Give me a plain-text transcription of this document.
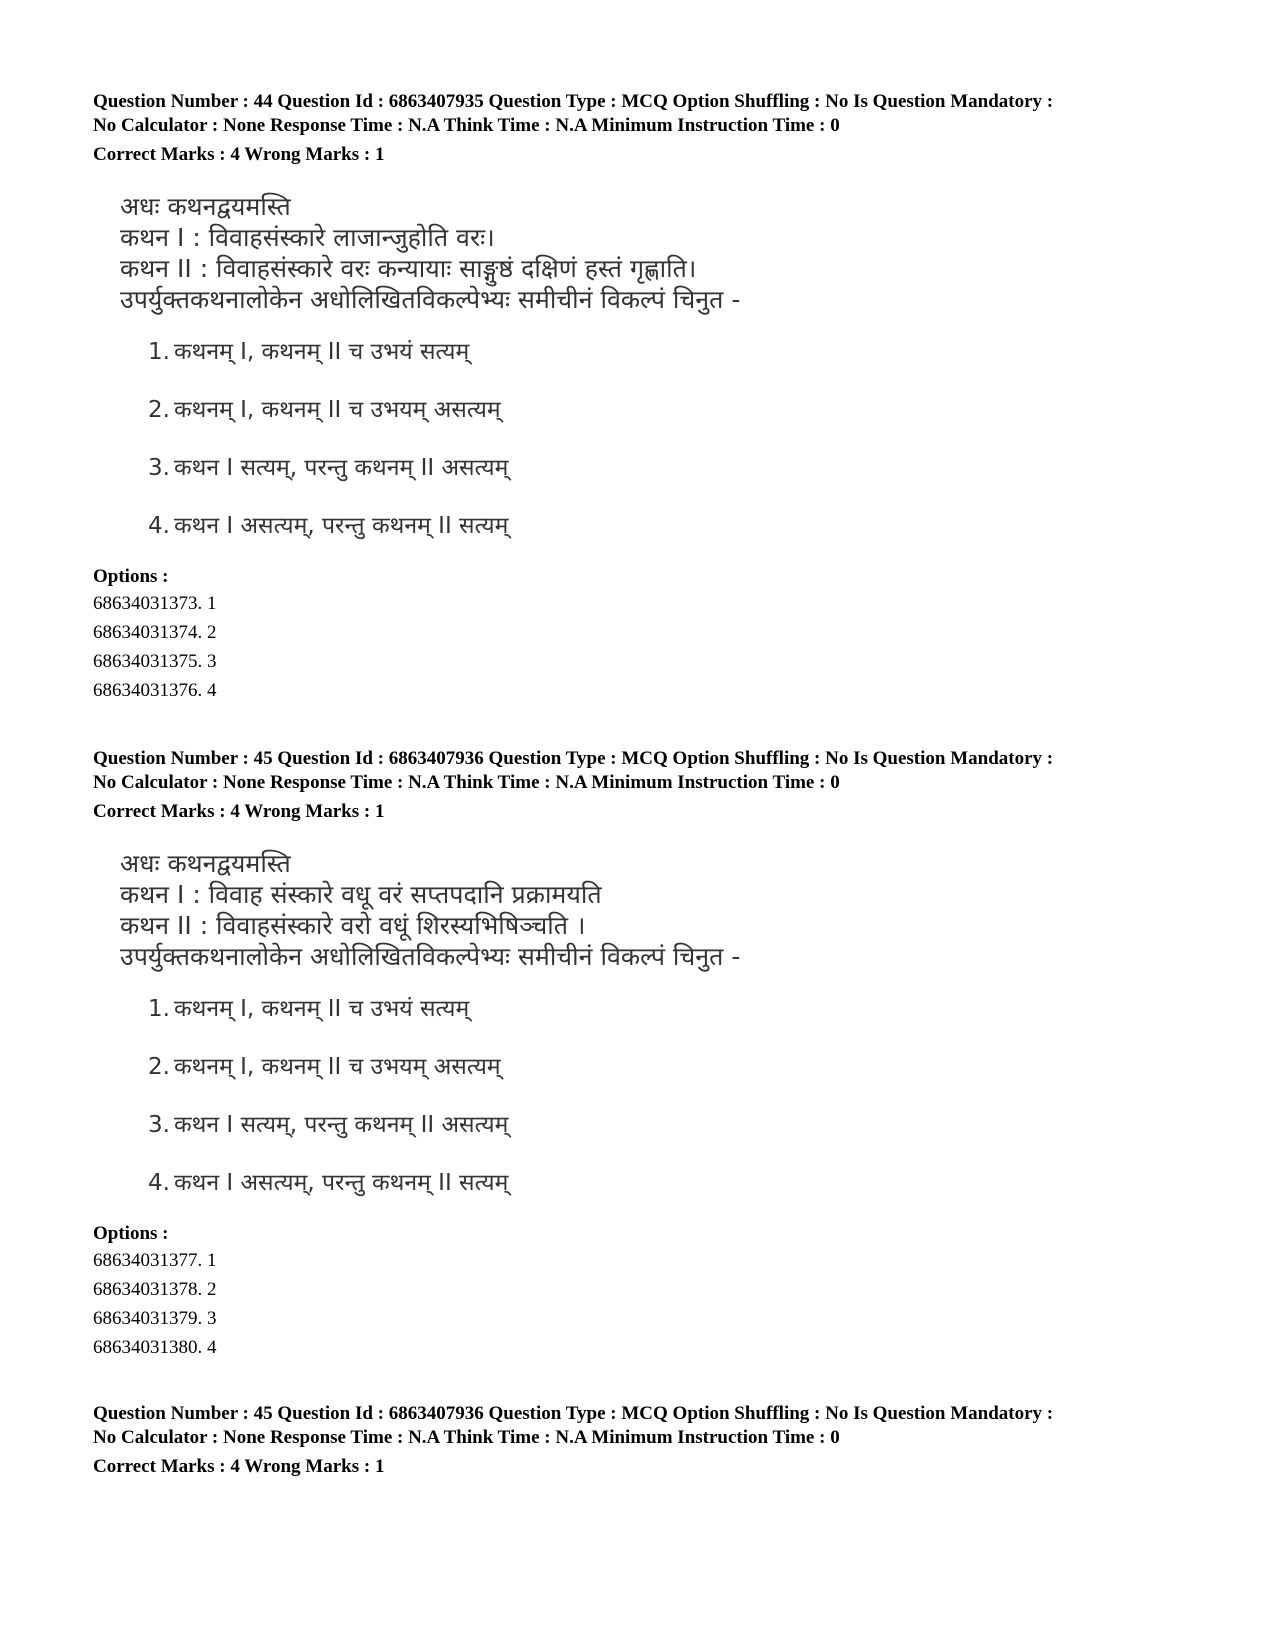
Question Number : 44 Question Id : 6863407935 Question Type : MCQ Option Shuffling : No Is Question Mandatory :
No Calculator : None Response Time : N.A Think Time : N.A Minimum Instruction Time : 0
Correct Marks : 4 Wrong Marks : 1
अधः कथनद्वयमस्ति
कथन I : विवाहसंस्कारे लाजान्जुहोति वरः।
कथन II : विवाहसंस्कारे वरः कन्यायाः साङ्गुष्ठं दक्षिणं हस्तं गृह्णाति।
उपर्युक्तकथनालोकेन अधोलिखितविकल्पेभ्यः समीचीनं विकल्पं चिनुत -
1. कथनम् I, कथनम् II च उभयं सत्यम्
2. कथनम् I, कथनम् II च उभयम् असत्यम्
3. कथन I सत्यम्, परन्तु कथनम् II असत्यम्
4. कथन I असत्यम्, परन्तु कथनम् II सत्यम्
Options :
68634031373 . 1
68634031374 . 2
68634031375 . 3
68634031376 . 4
Question Number : 45 Question Id : 6863407936 Question Type : MCQ Option Shuffling : No Is Question Mandatory :
No Calculator : None Response Time : N.A Think Time : N.A Minimum Instruction Time : 0
Correct Marks : 4 Wrong Marks : 1
अधः कथनद्वयमस्ति
कथन I : विवाह संस्कारे वधू वरं सप्तपदानि प्रक्रामयति
कथन II : विवाहसंस्कारे वरो वधूं शिरस्यभिषिञ्चति ।
उपर्युक्तकथनालोकेन अधोलिखितविकल्पेभ्यः समीचीनं विकल्पं चिनुत -
1. कथनम् I, कथनम् II च उभयं सत्यम्
2. कथनम् I, कथनम् II च उभयम् असत्यम्
3. कथन I सत्यम्, परन्तु कथनम् II असत्यम्
4. कथन I असत्यम्, परन्तु कथनम् II सत्यम्
Options :
68634031377 . 1
68634031378 . 2
68634031379 . 3
68634031380 . 4
Question Number : 45 Question Id : 6863407936 Question Type : MCQ Option Shuffling : No Is Question Mandatory :
No Calculator : None Response Time : N.A Think Time : N.A Minimum Instruction Time : 0
Correct Marks : 4 Wrong Marks : 1
